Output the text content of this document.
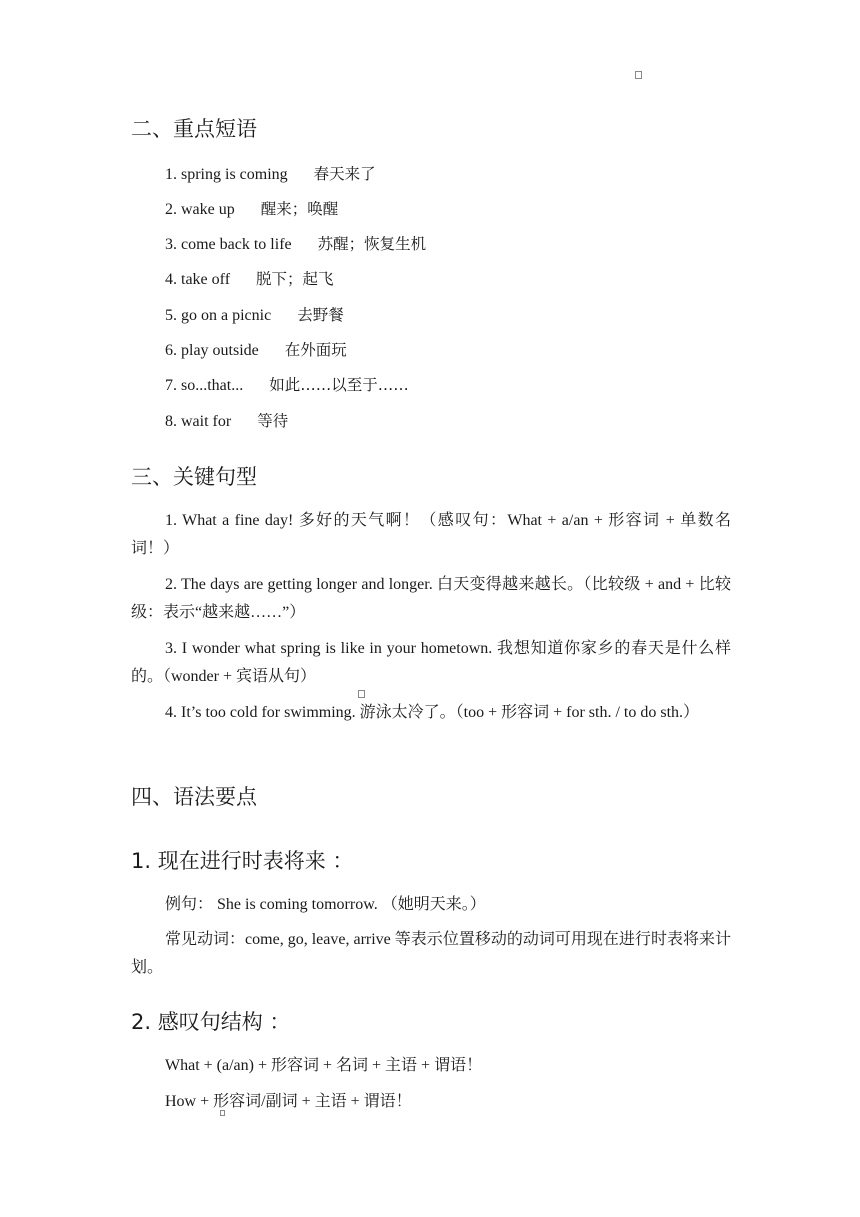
二、重点短语
1. spring is coming 春天来了
2. wake up 醒来；唤醒
3. come back to life 苏醒；恢复生机
4. take off 脱下；起飞
5. go on a picnic 去野餐
6. play outside 在外面玩
7. so...that... 如此……以至于……
8. wait for 等待
三、关键句型
1. What a fine day! 多好的天气啊！（感叹句：What + a/an + 形容词 + 单数名词！）
2. The days are getting longer and longer. 白天变得越来越长。（比较级 + and + 比较级：表示“越来越……”）
3. I wonder what spring is like in your hometown. 我想知道你家乡的春天是什么样的。（wonder + 宾语从句）
4. It’s too cold for swimming. 游泳太冷了。（too + 形容词 + for sth. / to do sth.）
四、语法要点
1. 现在进行时表将来 ：
例句： She is coming tomorrow. （她明天来。）
常见动词：come, go, leave, arrive 等表示位置移动的动词可用现在进行时表将来计划。
2. 感叹句结构 ：
What + (a/an) + 形容词 + 名词 + 主语 + 谓语！
How + 形容词/副词 + 主语 + 谓语！
